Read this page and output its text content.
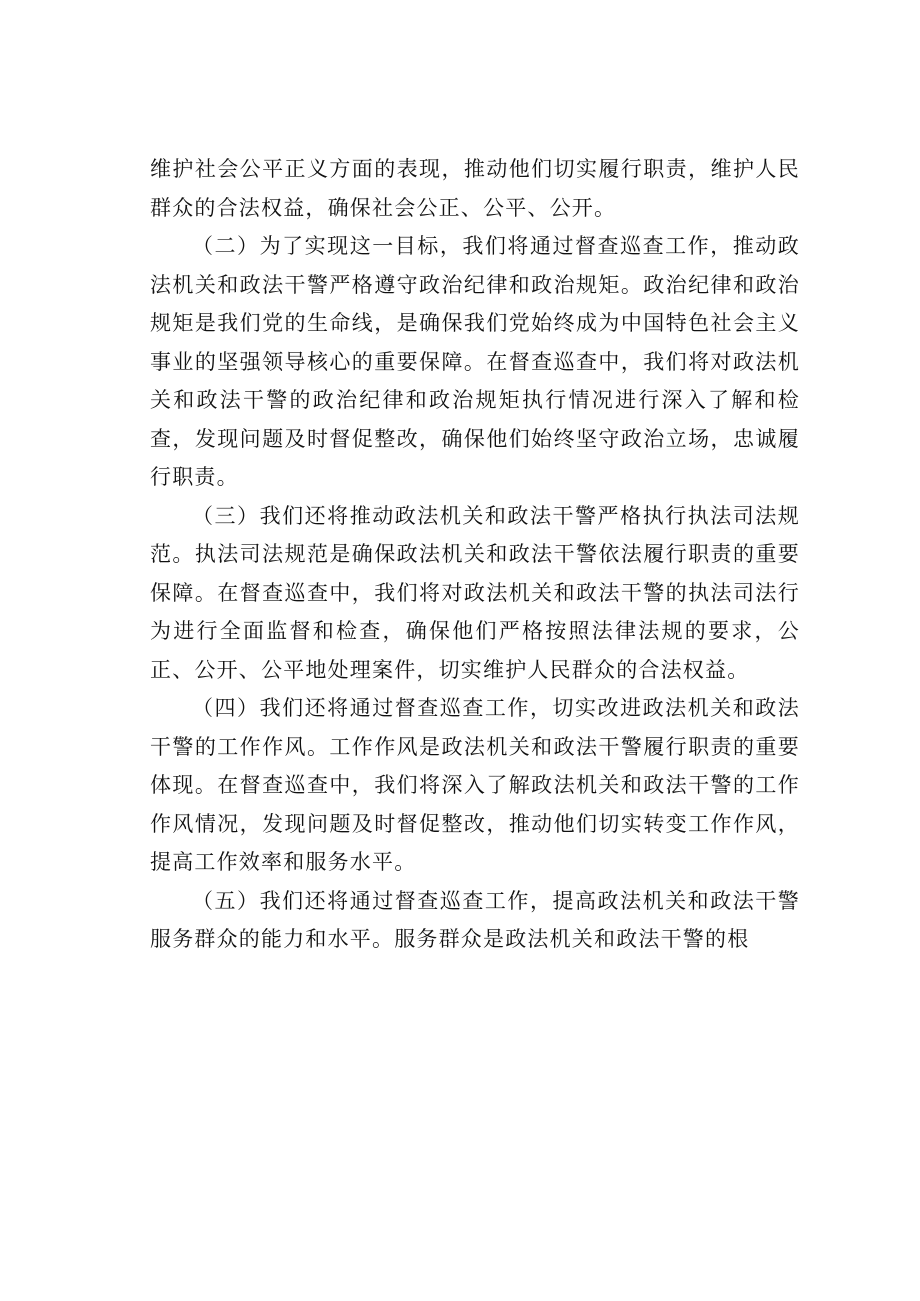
维护社会公平正义方面的表现，推动他们切实履行职责，维护人民群众的合法权益，确保社会公正、公平、公开。

（二）为了实现这一目标，我们将通过督查巡查工作，推动政法机关和政法干警严格遵守政治纪律和政治规矩。政治纪律和政治规矩是我们党的生命线，是确保我们党始终成为中国特色社会主义事业的坚强领导核心的重要保障。在督查巡查中，我们将对政法机关和政法干警的政治纪律和政治规矩执行情况进行深入了解和检查，发现问题及时督促整改，确保他们始终坚守政治立场，忠诚履行职责。

（三）我们还将推动政法机关和政法干警严格执行执法司法规范。执法司法规范是确保政法机关和政法干警依法履行职责的重要保障。在督查巡查中，我们将对政法机关和政法干警的执法司法行为进行全面监督和检查，确保他们严格按照法律法规的要求，公正、公开、公平地处理案件，切实维护人民群众的合法权益。

（四）我们还将通过督查巡查工作，切实改进政法机关和政法干警的工作作风。工作作风是政法机关和政法干警履行职责的重要体现。在督查巡查中，我们将深入了解政法机关和政法干警的工作作风情况，发现问题及时督促整改，推动他们切实转变工作作风，提高工作效率和服务水平。

（五）我们还将通过督查巡查工作，提高政法机关和政法干警服务群众的能力和水平。服务群众是政法机关和政法干警的根
